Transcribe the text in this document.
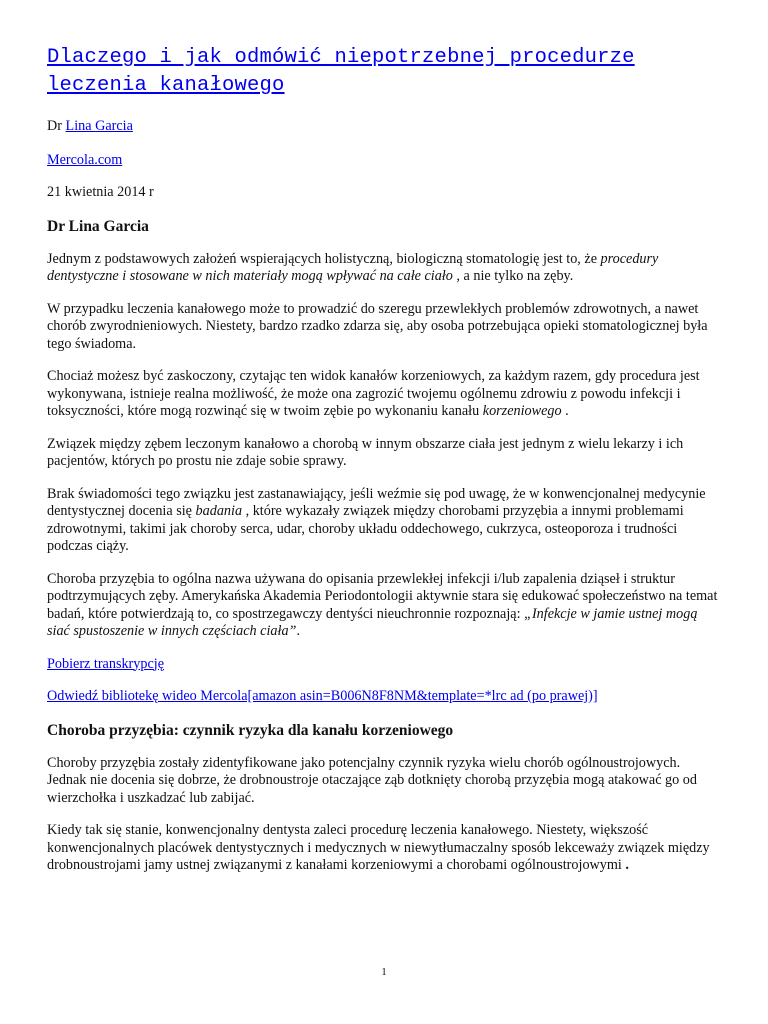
Dlaczego i jak odmówić niepotrzebnej procedurze leczenia kanałowego
Dr Lina Garcia
Mercola.com
21 kwietnia 2014 r
Dr Lina Garcia
Jednym z podstawowych założeń wspierających holistyczną, biologiczną stomatologię jest to, że procedury dentystyczne i stosowane w nich materiały mogą wpływać na całe ciało , a nie tylko na zęby.
W przypadku leczenia kanałowego może to prowadzić do szeregu przewlekłych problemów zdrowotnych, a nawet chorób zwyrodnieniowych. Niestety, bardzo rzadko zdarza się, aby osoba potrzebująca opieki stomatologicznej była tego świadoma.
Chociaż możesz być zaskoczony, czytając ten widok kanałów korzeniowych, za każdym razem, gdy procedura jest wykonywana, istnieje realna możliwość, że może ona zagrozić twojemu ogólnemu zdrowiu z powodu infekcji i toksyczności, które mogą rozwinąć się w twoim zębie po wykonaniu kanału korzeniowego .
Związek między zębem leczonym kanałowo a chorobą w innym obszarze ciała jest jednym z wielu lekarzy i ich pacjentów, których po prostu nie zdaje sobie sprawy.
Brak świadomości tego związku jest zastanawiający, jeśli weźmie się pod uwagę, że w konwencjonalnej medycynie dentystycznej docenia się badania , które wykazały związek między chorobami przyzębia a innymi problemami zdrowotnymi, takimi jak choroby serca, udar, choroby układu oddechowego, cukrzyca, osteoporoza i trudności podczas ciąży.
Choroba przyzębia to ogólna nazwa używana do opisania przewlekłej infekcji i/lub zapalenia dziąseł i struktur podtrzymujących zęby. Amerykańska Akademia Periodontologii aktywnie stara się edukować społeczeństwo na temat badań, które potwierdzają to, co spostrzegawczy dentyści nieuchronnie rozpoznają: „Infekcje w jamie ustnej mogą siać spustoszenie w innych częściach ciała”.
Pobierz transkrypcję
Odwiedź bibliotekę wideo Mercola[amazon asin=B006N8F8NM&template=*lrc ad (po prawej)]
Choroba przyzębia: czynnik ryzyka dla kanału korzeniowego
Choroby przyzębia zostały zidentyfikowane jako potencjalny czynnik ryzyka wielu chorób ogólnoustrojowych. Jednak nie docenia się dobrze, że drobnoustroje otaczające ząb dotknięty chorobą przyzębia mogą atakować go od wierzchołka i uszkadzać lub zabijać.
Kiedy tak się stanie, konwencjonalny dentysta zaleci procedurę leczenia kanałowego. Niestety, większość konwencjonalnych placówek dentystycznych i medycznych w niewytłumaczalny sposób lekceważy związek między drobnoustrojami jamy ustnej związanymi z kanałami korzeniowymi a chorobami ogólnoustrojowymi .
1
